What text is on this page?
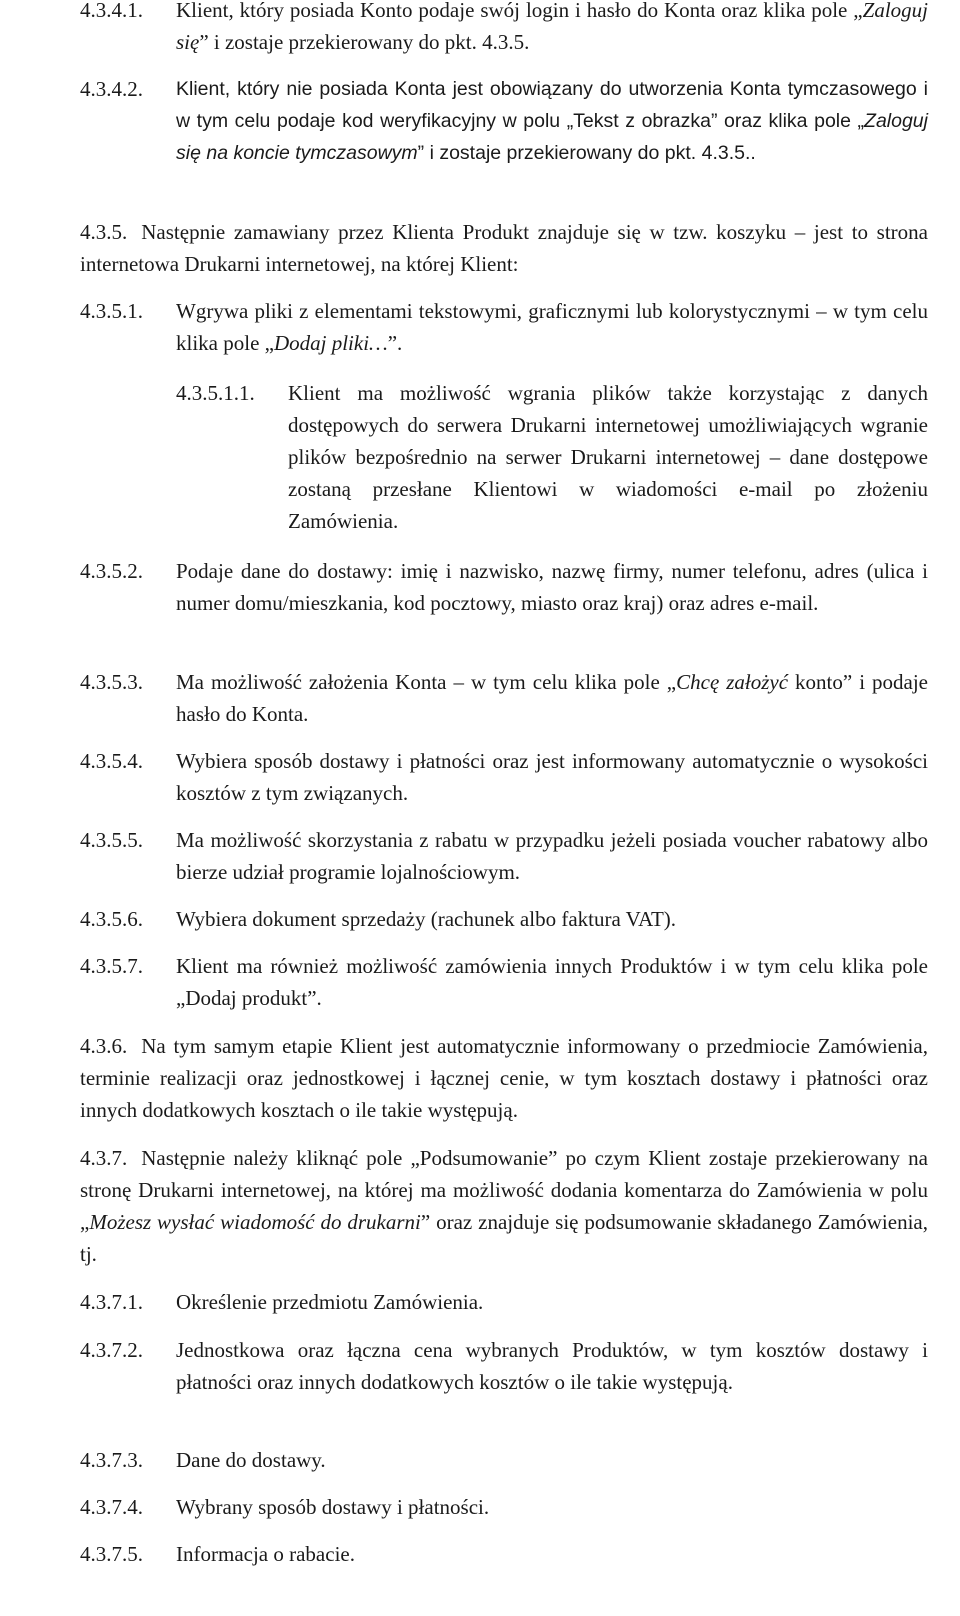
4.3.4.1.	Klient, który posiada Konto podaje swój login i hasło do Konta oraz klika pole „Zaloguj się” i zostaje przekierowany do pkt. 4.3.5.
4.3.4.2.	Klient, który nie posiada Konta jest obowiązany do utworzenia Konta tymczasowego i w tym celu podaje kod weryfikacyjny w polu „Tekst z obrazka” oraz klika pole „Zaloguj się na koncie tymczasowym” i zostaje przekierowany do pkt. 4.3.5..
4.3.5. Następnie zamawiany przez Klienta Produkt znajduje się w tzw. koszyku – jest to strona internetowa Drukarni internetowej, na której Klient:
4.3.5.1.	Wgrywa pliki z elementami tekstowymi, graficznymi lub kolorystycznymi – w tym celu klika pole „Dodaj pliki…”.
4.3.5.1.1.	Klient ma możliwość wgrania plików także korzystając z danych dostępowych do serwera Drukarni internetowej umożliwiających wgranie plików bezpośrednio na serwer Drukarni internetowej – dane dostępowe zostaną przesłane Klientowi w wiadomości e-mail po złożeniu Zamówienia.
4.3.5.2.	Podaje dane do dostawy: imię i nazwisko, nazwę firmy, numer telefonu, adres (ulica i numer domu/mieszkania, kod pocztowy, miasto oraz kraj) oraz adres e-mail.
4.3.5.3.	Ma możliwość założenia Konta – w tym celu klika pole „Chcę założyć konto” i podaje hasło do Konta.
4.3.5.4.	Wybiera sposób dostawy i płatności oraz jest informowany automatycznie o wysokości kosztów z tym związanych.
4.3.5.5.	Ma możliwość skorzystania z rabatu w przypadku jeżeli posiada voucher rabatowy albo bierze udział programie lojalnościowym.
4.3.5.6.	Wybiera dokument sprzedaży (rachunek albo faktura VAT).
4.3.5.7.	Klient ma również możliwość zamówienia innych Produktów i w tym celu klika pole „Dodaj produkt”.
4.3.6. Na tym samym etapie Klient jest automatycznie informowany o przedmiocie Zamówienia, terminie realizacji oraz jednostkowej i łącznej cenie, w tym kosztach dostawy i płatności oraz innych dodatkowych kosztach o ile takie występują.
4.3.7. Następnie należy kliknąć pole „Podsumowanie” po czym Klient zostaje przekierowany na stronę Drukarni internetowej, na której ma możliwość dodania komentarza do Zamówienia w polu „Możesz wysłać wiadomość do drukarni” oraz znajduje się podsumowanie składanego Zamówienia, tj.
4.3.7.1.	Określenie przedmiotu Zamówienia.
4.3.7.2.	Jednostkowa oraz łączna cena wybranych Produktów, w tym kosztów dostawy i płatności oraz innych dodatkowych kosztów o ile takie występują.
4.3.7.3.	Dane do dostawy.
4.3.7.4.	Wybrany sposób dostawy i płatności.
4.3.7.5.	Informacja o rabacie.
